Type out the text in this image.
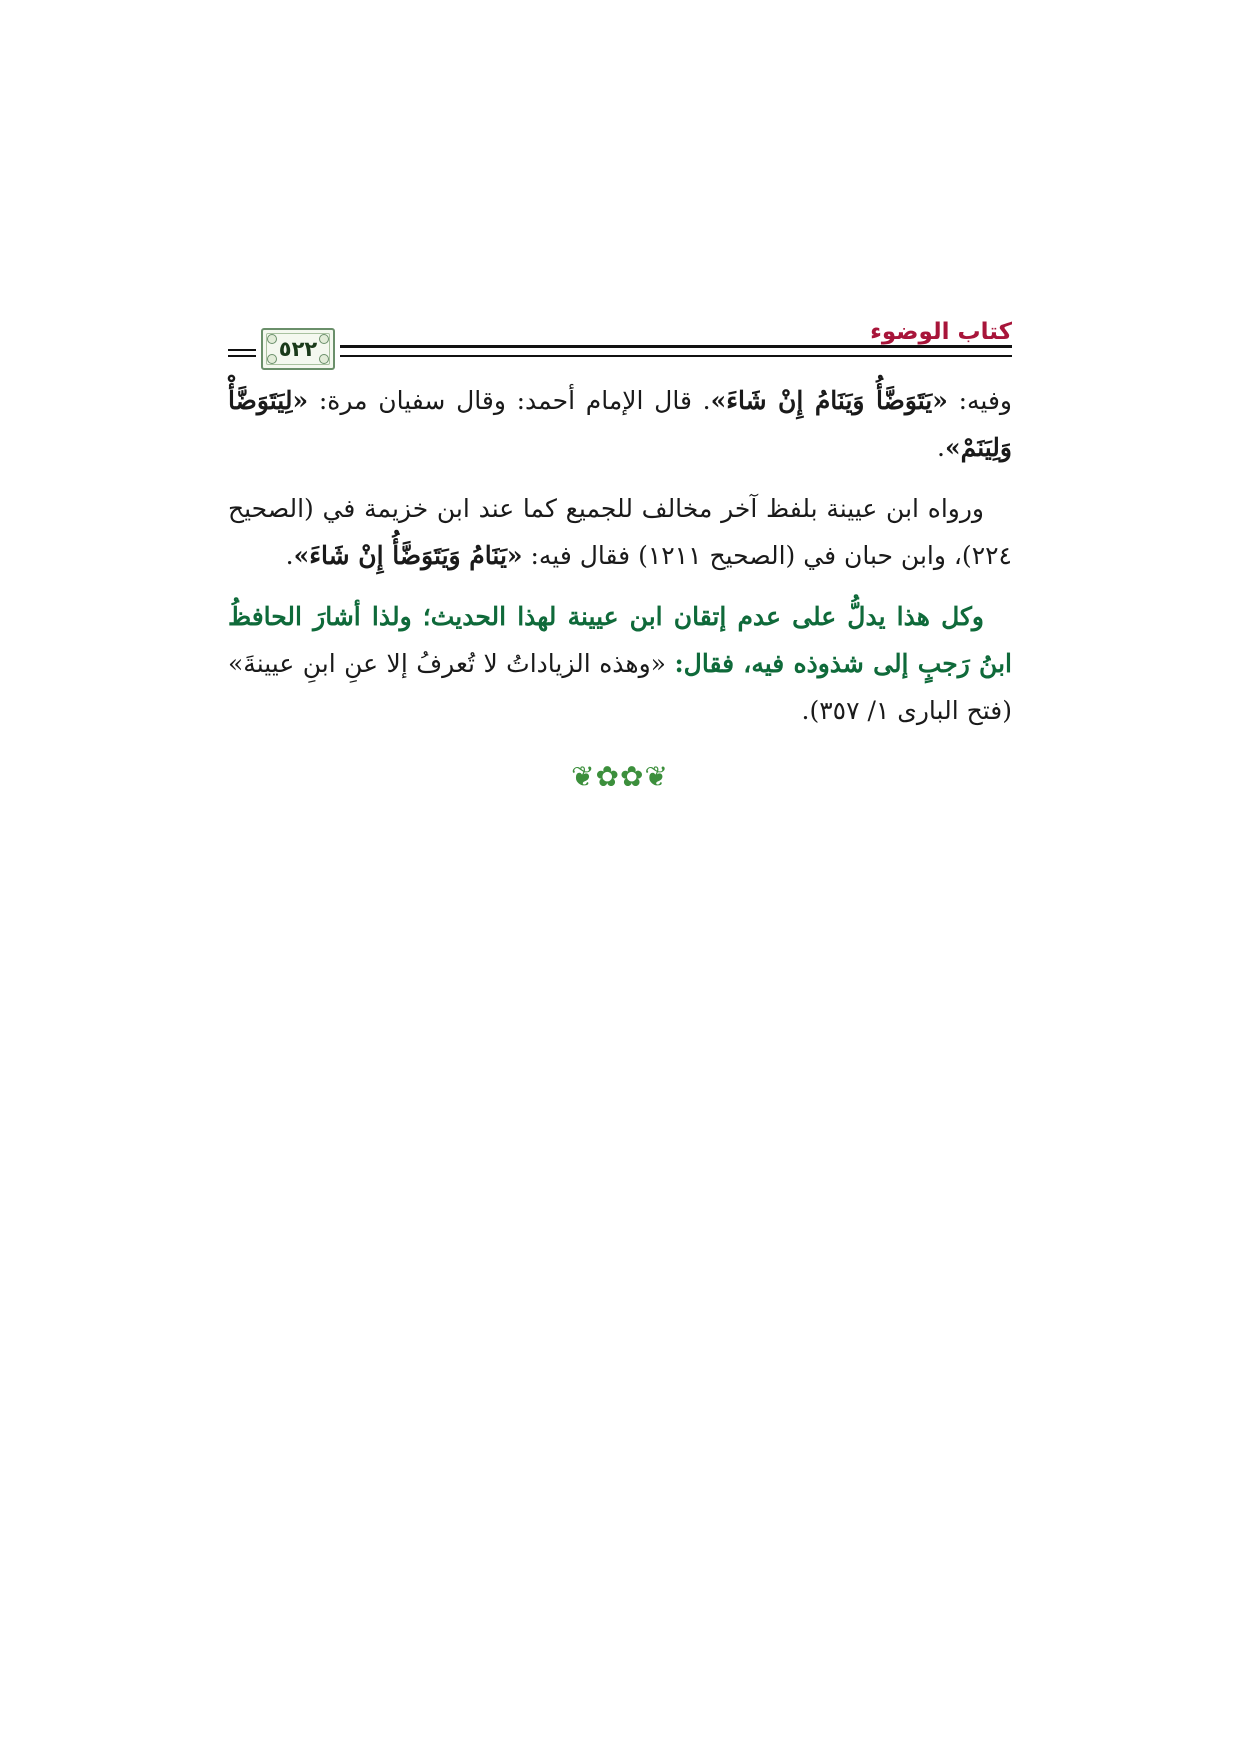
٥٢٢
كتاب الوضوء

وفيه: «يَتَوَضَّأُ وَيَنَامُ إِنْ شَاءَ». قال الإمام أحمد: وقال سفيان مرة: «لِيَتَوَضَّأْ وَلِيَنَمْ».

ورواه ابن عيينة بلفظ آخر مخالف للجميع كما عند ابن خزيمة في (الصحيح ٢٢٤)، وابن حبان في (الصحيح ١٢١١) فقال فيه: «يَنَامُ وَيَتَوَضَّأُ إِنْ شَاءَ».

وكل هذا يدلُّ على عدم إتقان ابن عيينة لهذا الحديث؛ ولذا أشارَ الحافظُ ابنُ رَجبٍ إلى شذوذه فيه، فقال: «وهذه الزياداتُ لا تُعرفُ إلا عنِ ابنِ عيينةَ» (فتح البارى ١/ ٣٥٧).

❦✿✿❦
